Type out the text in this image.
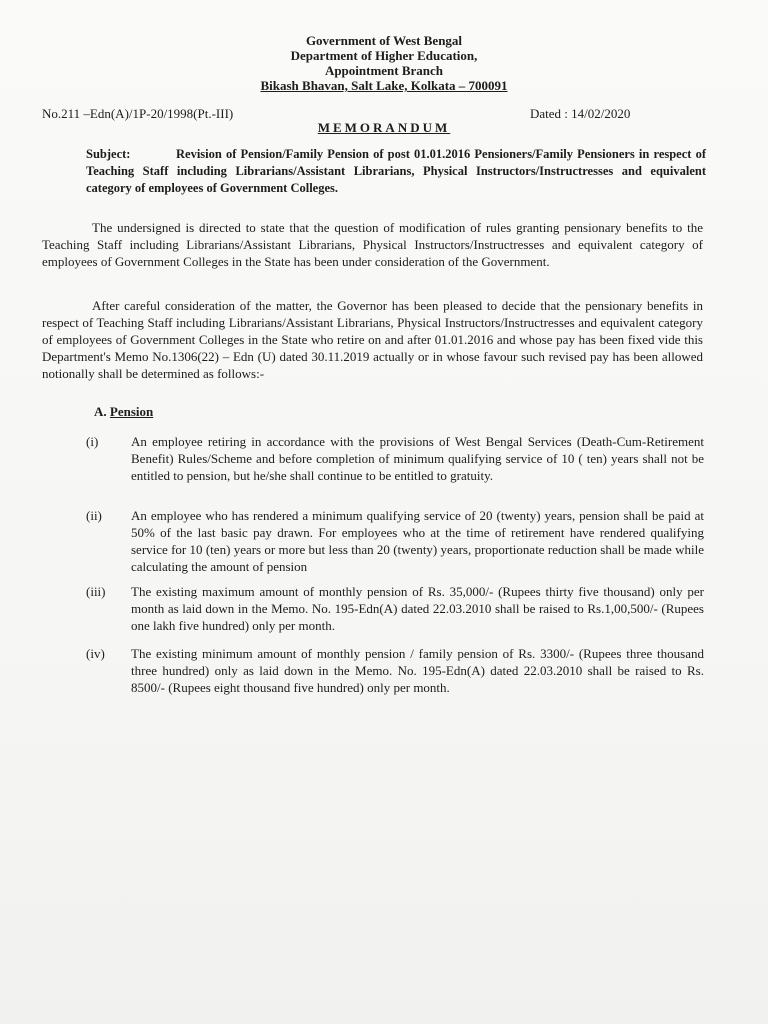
Government of West Bengal
Department of Higher Education,
Appointment Branch
Bikash Bhavan, Salt Lake, Kolkata – 700091
No.211 –Edn(A)/1P-20/1998(Pt.-III)	Dated : 14/02/2020
MEMORANDUM
Subject:	Revision of Pension/Family Pension of post 01.01.2016 Pensioners/Family Pensioners in respect of Teaching Staff including Librarians/Assistant Librarians, Physical Instructors/Instructresses and equivalent category of employees of Government Colleges.
The undersigned is directed to state that the question of modification of rules granting pensionary benefits to the Teaching Staff including Librarians/Assistant Librarians, Physical Instructors/Instructresses and equivalent category of employees of Government Colleges in the State has been under consideration of the Government.
After careful consideration of the matter, the Governor has been pleased to decide that the pensionary benefits in respect of Teaching Staff including Librarians/Assistant Librarians, Physical Instructors/Instructresses and equivalent category of employees of Government Colleges in the State who retire on and after 01.01.2016 and whose pay has been fixed vide this Department's Memo No.1306(22) – Edn (U) dated 30.11.2019 actually or in whose favour such revised pay has been allowed notionally shall be determined as follows:-
A. Pension
(i)	An employee retiring in accordance with the provisions of West Bengal Services (Death-Cum-Retirement Benefit) Rules/Scheme and before completion of minimum qualifying service of 10 ( ten) years shall not be entitled to pension, but he/she shall continue to be entitled to gratuity.
(ii) An employee who has rendered a minimum qualifying service of 20 (twenty) years, pension shall be paid at 50% of the last basic pay drawn. For employees who at the time of retirement have rendered qualifying service for 10 (ten) years or more but less than 20 (twenty) years, proportionate reduction shall be made while calculating the amount of pension
(iii) The existing maximum amount of monthly pension of Rs. 35,000/- (Rupees thirty five thousand) only per month as laid down in the Memo. No. 195-Edn(A) dated 22.03.2010 shall be raised to Rs.1,00,500/- (Rupees one lakh five hundred) only per month.
(iv) The existing minimum amount of monthly pension / family pension of Rs. 3300/- (Rupees three thousand three hundred) only as laid down in the Memo. No. 195-Edn(A) dated 22.03.2010 shall be raised to Rs. 8500/- (Rupees eight thousand five hundred) only per month.
